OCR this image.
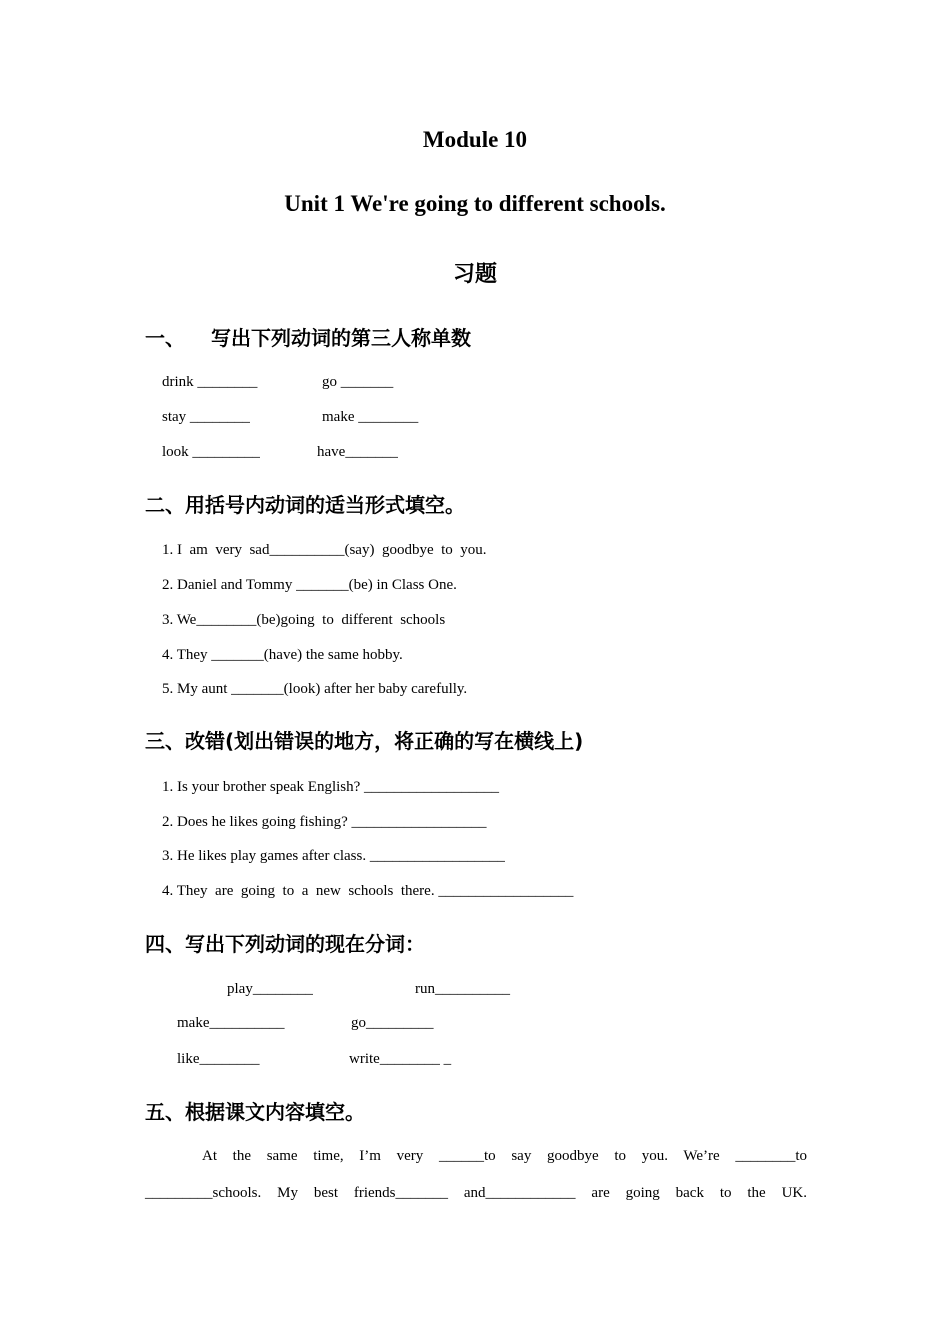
Module 10
Unit 1 We're going to different schools.
习题
一、 写出下列动词的第三人称单数
drink ________	go _______
stay ________	make ________
look _________	have_______
二、用括号内动词的适当形式填空。
1. I  am  very  sad__________(say)  goodbye  to  you.
2. Daniel and Tommy _______(be) in Class One.
3. We________(be)going  to  different  schools
4. They _______(have) the same hobby.
5. My aunt _______(look) after her baby carefully.
三、改错(划出错误的地方，将正确的写在横线上)
1. Is your brother speak English? __________________
2. Does he likes going fishing? __________________
3. He likes play games after class. __________________
4. They  are  going  to  a  new  schools  there. __________________
四、写出下列动词的现在分词：
play________	run__________
make__________	go_________
like________	write________ _
五、根据课文内容填空。
At the same time, I’m very ______to say goodbye to you. We’re ________to
_________schools. My best friends_______ and____________ are going back to the UK.
